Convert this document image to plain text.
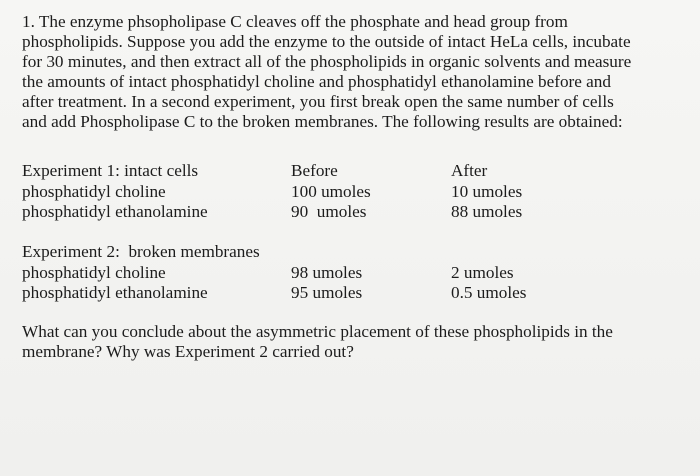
1. The enzyme phsopholipase C cleaves off the phosphate and head group from
phospholipids. Suppose you add the enzyme to the outside of intact HeLa cells, incubate
for 30 minutes, and then extract all of the phospholipids in organic solvents and measure
the amounts of intact phosphatidyl choline and phosphatidyl ethanolamine before and
after treatment. In a second experiment, you first break open the same number of cells
and add Phospholipase C to the broken membranes. The following results are obtained:
Experiment 1: intact cells	Before	After
phosphatidyl choline	100 umoles	10 umoles
phosphatidyl ethanolamine	90  umoles	88 umoles
Experiment 2:  broken membranes
phosphatidyl choline	98 umoles	2 umoles
phosphatidyl ethanolamine	95 umoles	0.5 umoles
What can you conclude about the asymmetric placement of these phospholipids in the
membrane? Why was Experiment 2 carried out?
